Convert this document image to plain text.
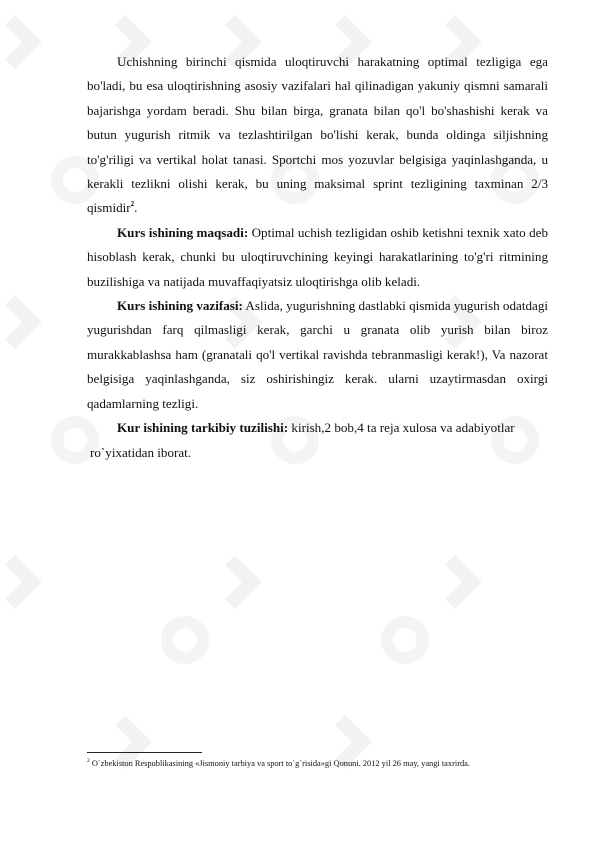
Uchishning birinchi qismida uloqtiruvchi harakatning optimal tezligiga ega bo'ladi, bu esa uloqtirishning asosiy vazifalari hal qilinadigan yakuniy qismni samarali bajarishga yordam beradi. Shu bilan birga, granata bilan qo'l bo'shashishi kerak va butun yugurish ritmik va tezlashtirilgan bo'lishi kerak, bunda oldinga siljishning to'g'riligi va vertikal holat tanasi. Sportchi mos yozuvlar belgisiga yaqinlashganda, u kerakli tezlikni olishi kerak, bu uning maksimal sprint tezligining taxminan 2/3 qismidir$^2$.

Kurs ishining maqsadi: Optimal uchish tezligidan oshib ketishni texnik xato deb hisoblash kerak, chunki bu uloqtiruvchining keyingi harakatlarining to'g'ri ritmining buzilishiga va natijada muvaffaqiyatsiz uloqtirishga olib keladi.

Kurs ishining vazifasi: Aslida, yugurishning dastlabki qismida yugurish odatdagi yugurishdan farq qilmasligi kerak, garchi u granata olib yurish bilan biroz murakkablashsa ham (granatali qo'l vertikal ravishda tebranmasligi kerak!), Va nazorat belgisiga yaqinlashganda, siz oshirishingiz kerak. ularni uzaytirmasdan oxirgi qadamlarning tezligi.

Kur ishining tarkibiy tuzilishi: kirish,2 bob,4 ta reja xulosa va adabiyotlar

ro`yixatidan iborat.

$^2$ O`zbekiston Respublikasining «Jismoniy tarbiya va sport to`g`risida»gi Qonuni. 2012 yil 26 may, yangi taxrirda.
